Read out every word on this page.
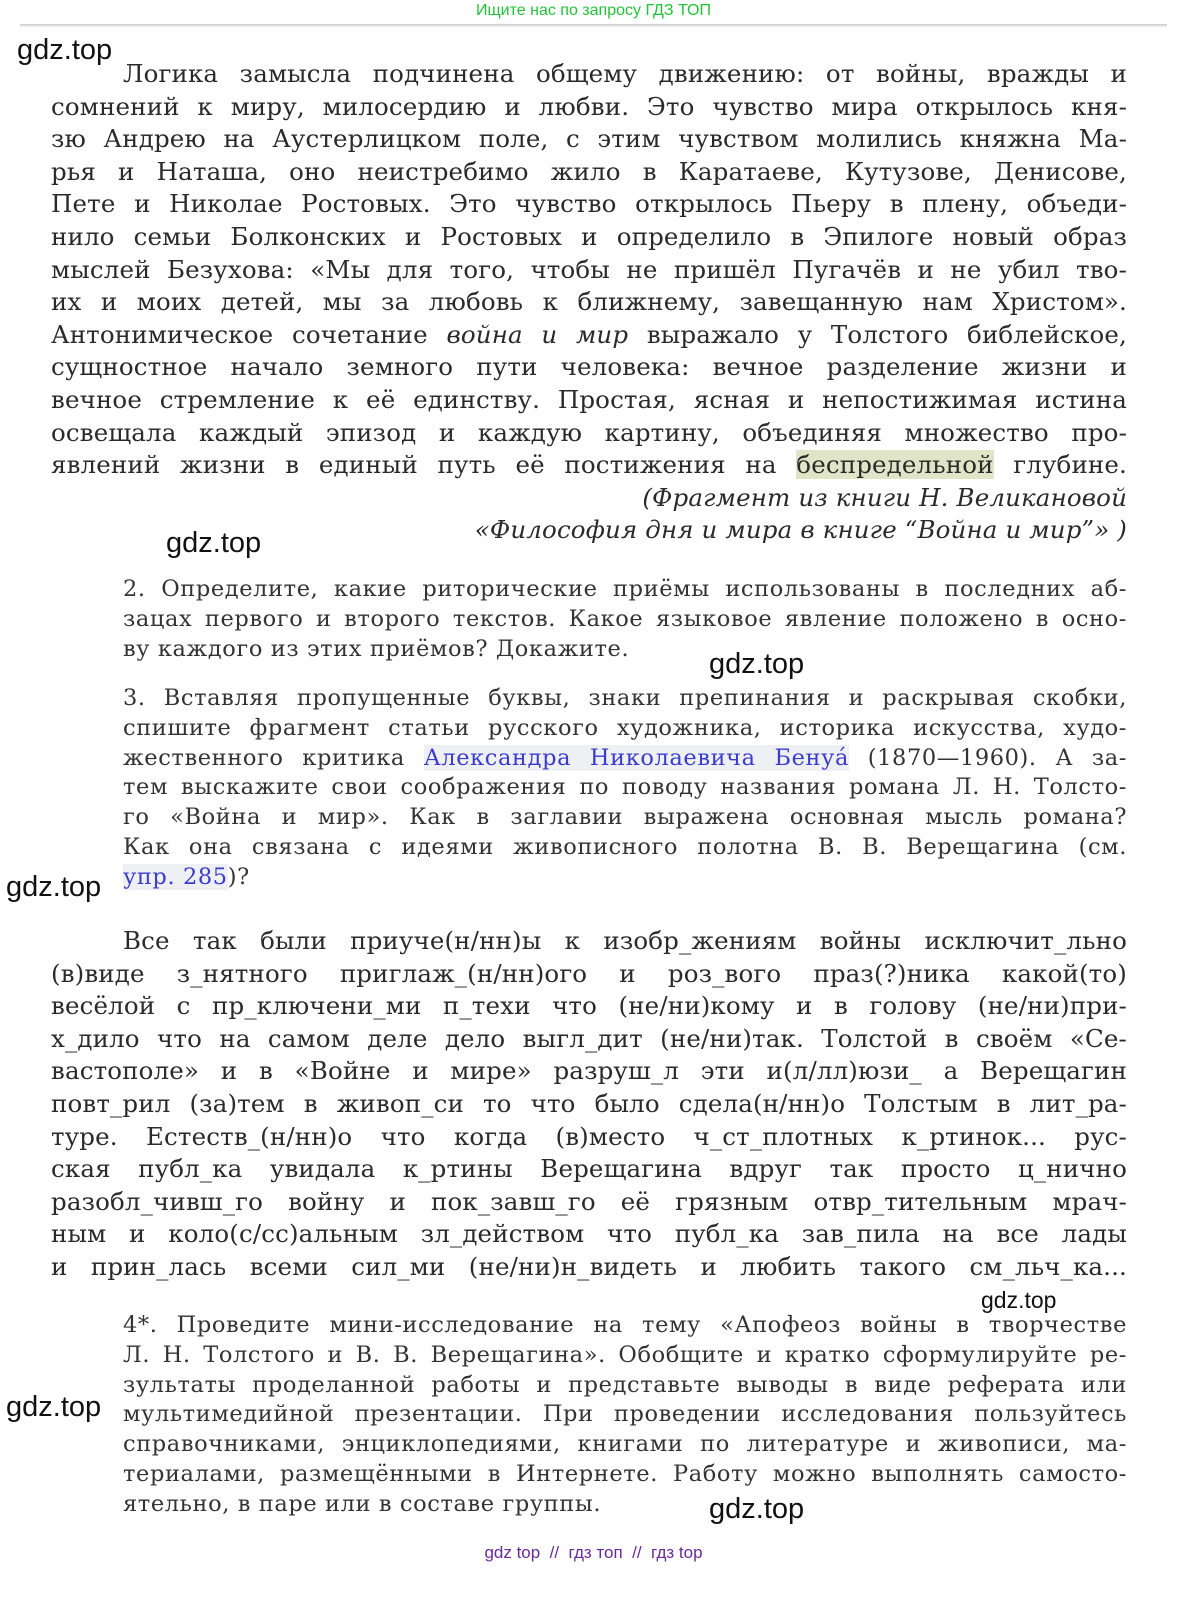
Ищите нас по запросу ГДЗ ТОП
gdz.top
gdz.top
gdz.top
gdz.top
gdz.top
gdz.top
gdz.top
Логика замысла подчинена общему движению: от войны, вражды и
сомнений к миру, милосердию и любви. Это чувство мира открылось кня-
зю Андрею на Аустерлицком поле, с этим чувством молились княжна Ма-
рья и Наташа, оно неистребимо жило в Каратаеве, Кутузове, Денисове,
Пете и Николае Ростовых. Это чувство открылось Пьеру в плену, объеди-
нило семьи Болконских и Ростовых и определило в Эпилоге новый образ
мыслей Безухова: «Мы для того, чтобы не пришёл Пугачёв и не убил тво-
их и моих детей, мы за любовь к ближнему, завещанную нам Христом».
Антонимическое сочетание война и мир выражало у Толстого библейское,
сущностное начало земного пути человека: вечное разделение жизни и
вечное стремление к её единству. Простая, ясная и непостижимая истина
освещала каждый эпизод и каждую картину, объединяя множество про-
явлений жизни в единый путь её постижения на беспредельной глубине.
(Фрагмент из книги Н. Великановой
«Философия дня и мира в книге “Война и мир”» )
2. Определите, какие риторические приёмы использованы в последних аб-
зацах первого и второго текстов. Какое языковое явление положено в осно-
ву каждого из этих приёмов? Докажите.
3. Вставляя пропущенные буквы, знаки препинания и раскрывая скобки,
спишите фрагмент статьи русского художника, историка искусства, худо-
жественного критика Александра Николаевича Бенуа́ (1870—1960). А за-
тем выскажите свои соображения по поводу названия романа Л. Н. Толсто-
го «Война и мир». Как в заглавии выражена основная мысль романа?
Как она связана с идеями живописного полотна В. В. Верещагина (см.
упр. 285)?
Все так были приуче(н/нн)ы к изобр_жениям войны исключит_льно
(в)виде з_нятного приглаж_(н/нн)ого и роз_вого праз(?)ника какой(то)
весёлой с пр_ключени_ми п_техи что (не/ни)кому и в голову (не/ни)при-
х_дило что на самом деле дело выгл_дит (не/ни)так. Толстой в своём «Се-
вастополе» и в «Войне и мире» разруш_л эти и(л/лл)юзи_ а Верещагин
повт_рил (за)тем в живоп_си то что было сдела(н/нн)о Толстым в лит_ра-
туре. Естеств_(н/нн)о что когда (в)место ч_ст_плотных к_ртинок... рус-
ская публ_ка увидала к_ртины Верещагина вдруг так просто ц_нично
разобл_чивш_го войну и пок_завш_го её грязным отвр_тительным мрач-
ным и коло(с/сс)альным зл_действом что публ_ка зав_пила на все лады
и прин_лась всеми сил_ми (не/ни)н_видеть и любить такого см_льч_ка...
4*. Проведите мини-исследование на тему «Апофеоз войны в творчестве
Л. Н. Толстого и В. В. Верещагина». Обобщите и кратко сформулируйте ре-
зультаты проделанной работы и представьте выводы в виде реферата или
мультимедийной презентации. При проведении исследования пользуйтесь
справочниками, энциклопедиями, книгами по литературе и живописи, ма-
териалами, размещёнными в Интернете. Работу можно выполнять самосто-
ятельно, в паре или в составе группы.
gdz top  //  гдз топ  //  гдз top
